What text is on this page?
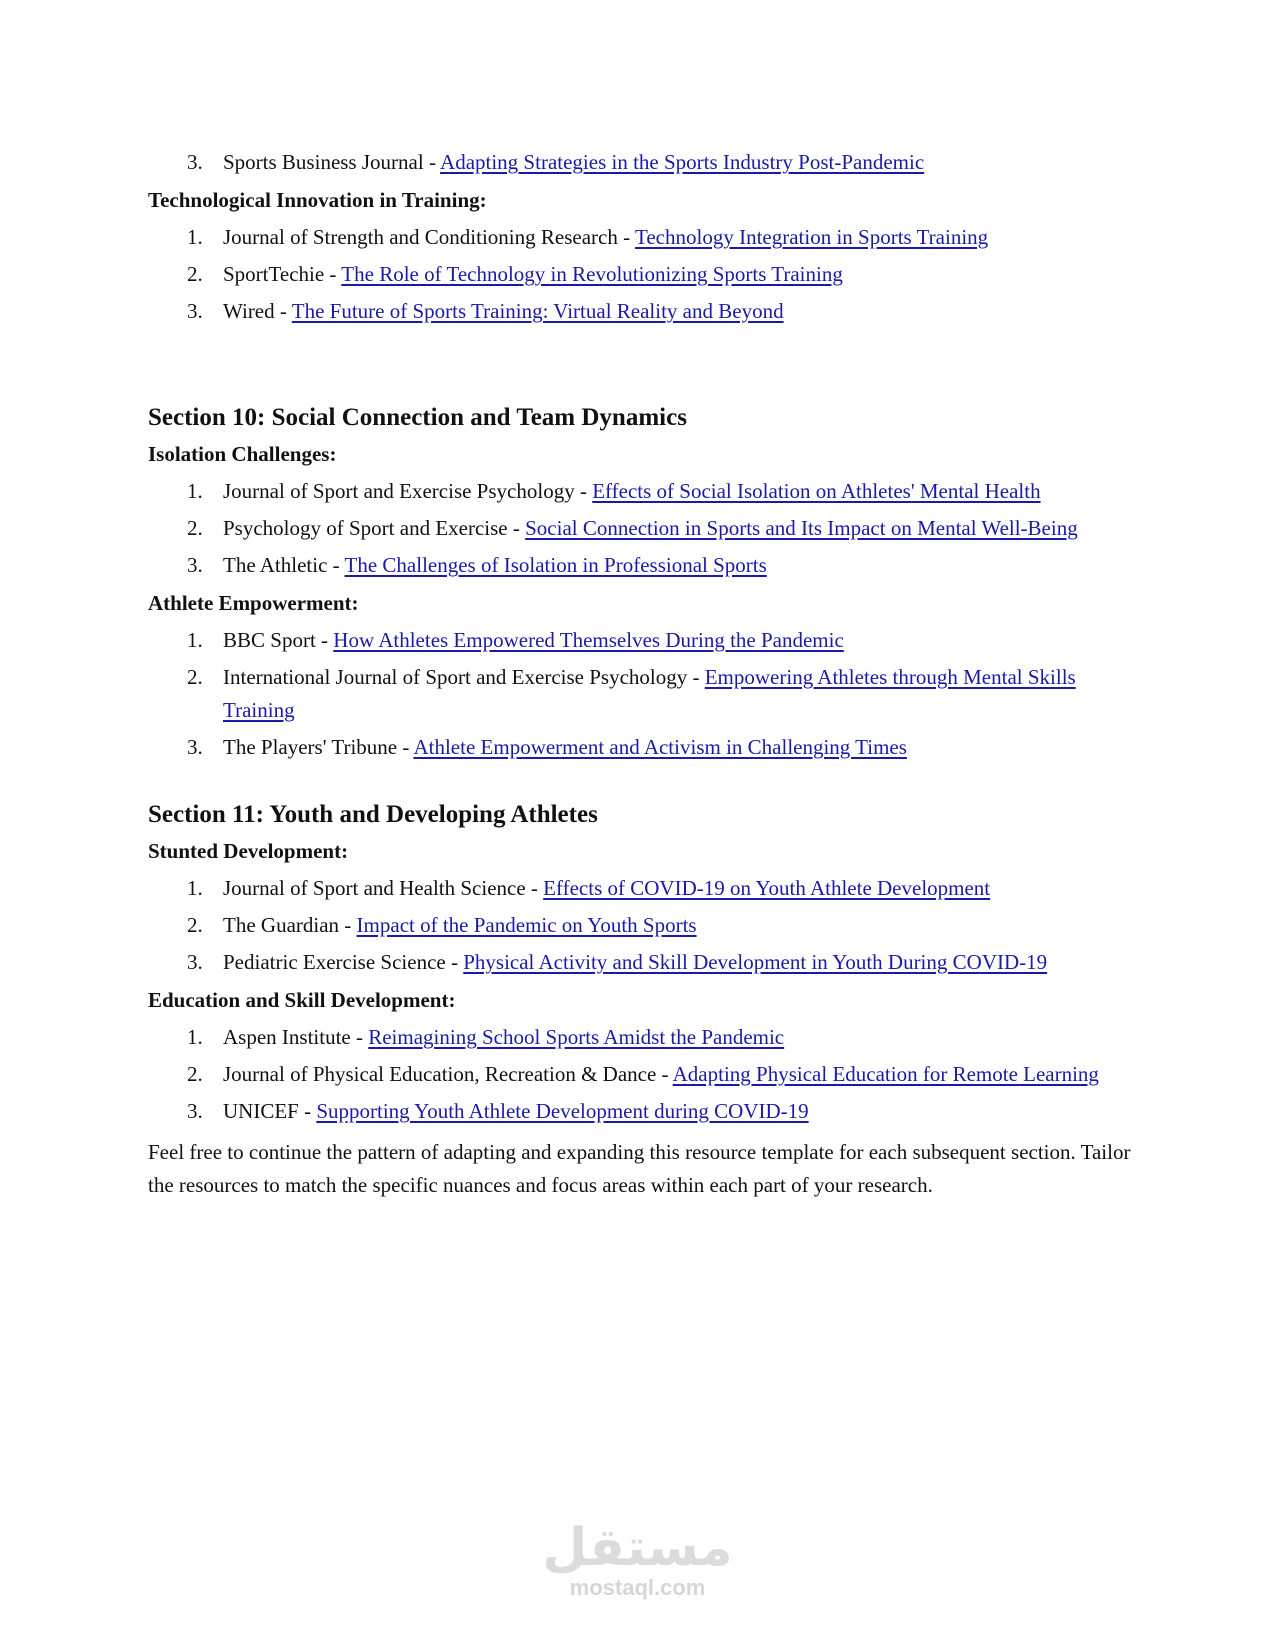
3. Sports Business Journal - Adapting Strategies in the Sports Industry Post-Pandemic
Technological Innovation in Training:
1. Journal of Strength and Conditioning Research - Technology Integration in Sports Training
2. SportTechie - The Role of Technology in Revolutionizing Sports Training
3. Wired - The Future of Sports Training: Virtual Reality and Beyond
Section 10: Social Connection and Team Dynamics
Isolation Challenges:
1. Journal of Sport and Exercise Psychology - Effects of Social Isolation on Athletes' Mental Health
2. Psychology of Sport and Exercise - Social Connection in Sports and Its Impact on Mental Well-Being
3. The Athletic - The Challenges of Isolation in Professional Sports
Athlete Empowerment:
1. BBC Sport - How Athletes Empowered Themselves During the Pandemic
2. International Journal of Sport and Exercise Psychology - Empowering Athletes through Mental Skills Training
3. The Players' Tribune - Athlete Empowerment and Activism in Challenging Times
Section 11: Youth and Developing Athletes
Stunted Development:
1. Journal of Sport and Health Science - Effects of COVID-19 on Youth Athlete Development
2. The Guardian - Impact of the Pandemic on Youth Sports
3. Pediatric Exercise Science - Physical Activity and Skill Development in Youth During COVID-19
Education and Skill Development:
1. Aspen Institute - Reimagining School Sports Amidst the Pandemic
2. Journal of Physical Education, Recreation & Dance - Adapting Physical Education for Remote Learning
3. UNICEF - Supporting Youth Athlete Development during COVID-19

Feel free to continue the pattern of adapting and expanding this resource template for each subsequent section. Tailor the resources to match the specific nuances and focus areas within each part of your research.

مستقل
mostaql.com
